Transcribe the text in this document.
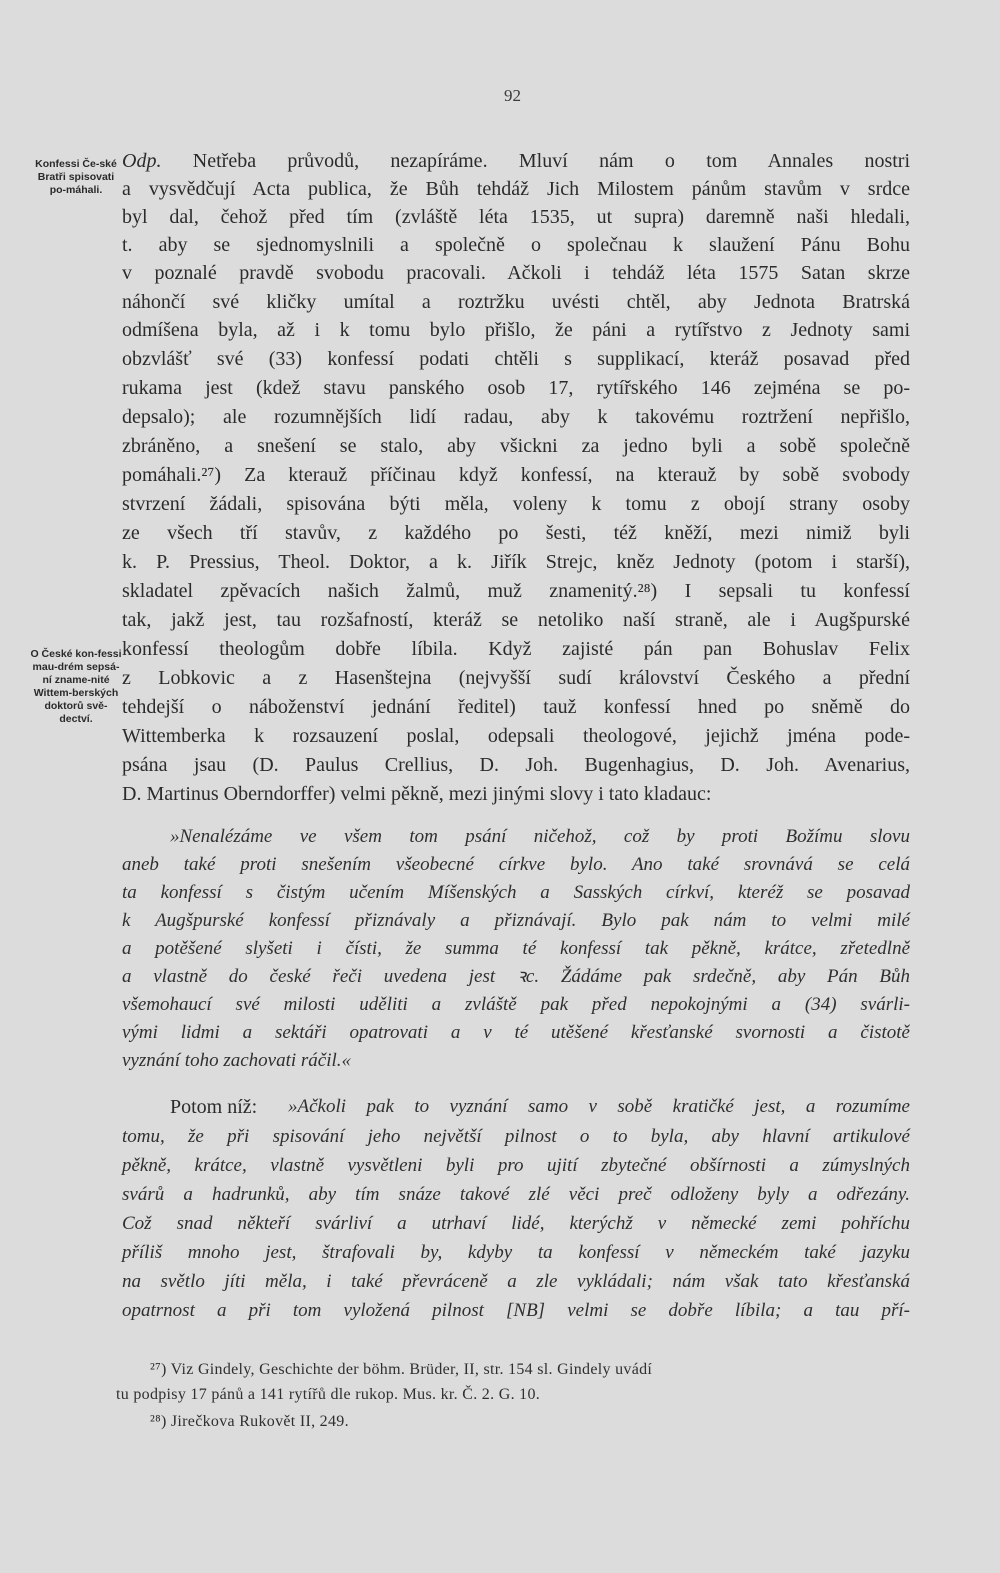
92
Konfessi Če-ské Bratři spisovati po-máhali.
O České kon-fessi mau-drém sepsá-ní zname-nité Wittem-berských doktorů svě-dectví.
Odp. Netřeba průvodů, nezapíráme. Mluví nám o tom Annales nostri
a vysvědčují Acta publica, že Bůh tehdáž Jich Milostem pánům stavům v srdce
byl dal, čehož před tím (zvláště léta 1535, ut supra) daremně naši hledali,
t. aby se sjednomyslnili a společně o společnau k slaužení Pánu Bohu
v poznalé pravdě svobodu pracovali. Ačkoli i tehdáž léta 1575 Satan skrze
náhončí své kličky umítal a roztržku uvésti chtěl, aby Jednota Bratrská
odmíšena byla, až i k tomu bylo přišlo, že páni a rytířstvo z Jednoty sami
obzvlášť své (33) konfessí podati chtěli s supplikací, kteráž posavad před
rukama jest (kdež stavu panského osob 17, rytířského 146 zejména se po-
depsalo); ale rozumnějších lidí radau, aby k takovému roztržení nepřišlo,
zbráněno, a snešení se stalo, aby všickni za jedno byli a sobě společně
pomáhali.²⁷) Za kterauž příčinau když konfessí, na kterauž by sobě svobody
stvrzení žádali, spisována býti měla, voleny k tomu z obojí strany osoby
ze všech tří stavův, z každého po šesti, též kněží, mezi nimiž byli
k. P. Pressius, Theol. Doktor, a k. Jiřík Strejc, kněz Jednoty (potom i starší),
skladatel zpěvacích našich žalmů, muž znamenitý.²⁸) I sepsali tu konfessí
tak, jakž jest, tau rozšafností, kteráž se netoliko naší straně, ale i Augšpurské
konfessí theologům dobře líbila. Když zajisté pán pan Bohuslav Felix
z Lobkovic a z Hasenštejna (nejvyšší sudí království Českého a přední
tehdejší o náboženství jednání ředitel) tauž konfessí hned po sněmě do
Wittemberka k rozsauzení poslal, odepsali theologové, jejichž jména pode-
psána jsau (D. Paulus Crellius, D. Joh. Bugenhagius, D. Joh. Avenarius,
D. Martinus Oberndorffer) velmi pěkně, mezi jinými slovy i tato kladauc:
»Nenalézáme ve všem tom psání ničehož, což by proti Božímu slovu
aneb také proti snešením všeobecné církve bylo. Ano také srovnává se celá
ta konfessí s čistým učením Míšenských a Sasských církví, kteréž se posavad
k Augšpurské konfessí přiznávaly a přiznávají. Bylo pak nám to velmi milé
a potěšené slyšeti i čísti, že summa té konfessí tak pěkně, krátce, zřetedlně
a vlastně do české řeči uvedena jest ꝛc. Žádáme pak srdečně, aby Pán Bůh
všemohaucí své milosti uděliti a zvláště pak před nepokojnými a (34) svárli-
vými lidmi a sektáři opatrovati a v té utěšené křesťanské svornosti a čistotě
vyznání toho zachovati ráčil.«
Potom níž:	»Ačkoli pak to vyznání samo v sobě kratičké jest, a rozumíme
tomu, že při spisování jeho největší pilnost o to byla, aby hlavní artikulové
pěkně, krátce, vlastně vysvětleni byli pro ujití zbytečné obšírnosti a zúmyslných
svárů a hadrunků, aby tím snáze takové zlé věci preč odloženy byly a odřezány.
Což snad někteří svárliví a utrhaví lidé, kterýchž v německé zemi pohříchu
příliš mnoho jest, štrafovali by, kdyby ta konfessí v německém také jazyku
na světlo jíti měla, i také převráceně a zle vykládali; nám však tato křesťanská
opatrnost a při tom vyložená pilnost [NB] velmi se dobře líbila; a tau pří-
²⁷) Viz Gindely, Geschichte der böhm. Brüder, II, str. 154 sl. Gindely uvádí
tu podpisy 17 pánů a 141 rytířů dle rukop. Mus. kr. Č. 2. G. 10.
²⁸) Jirečkova Rukovět II, 249.
